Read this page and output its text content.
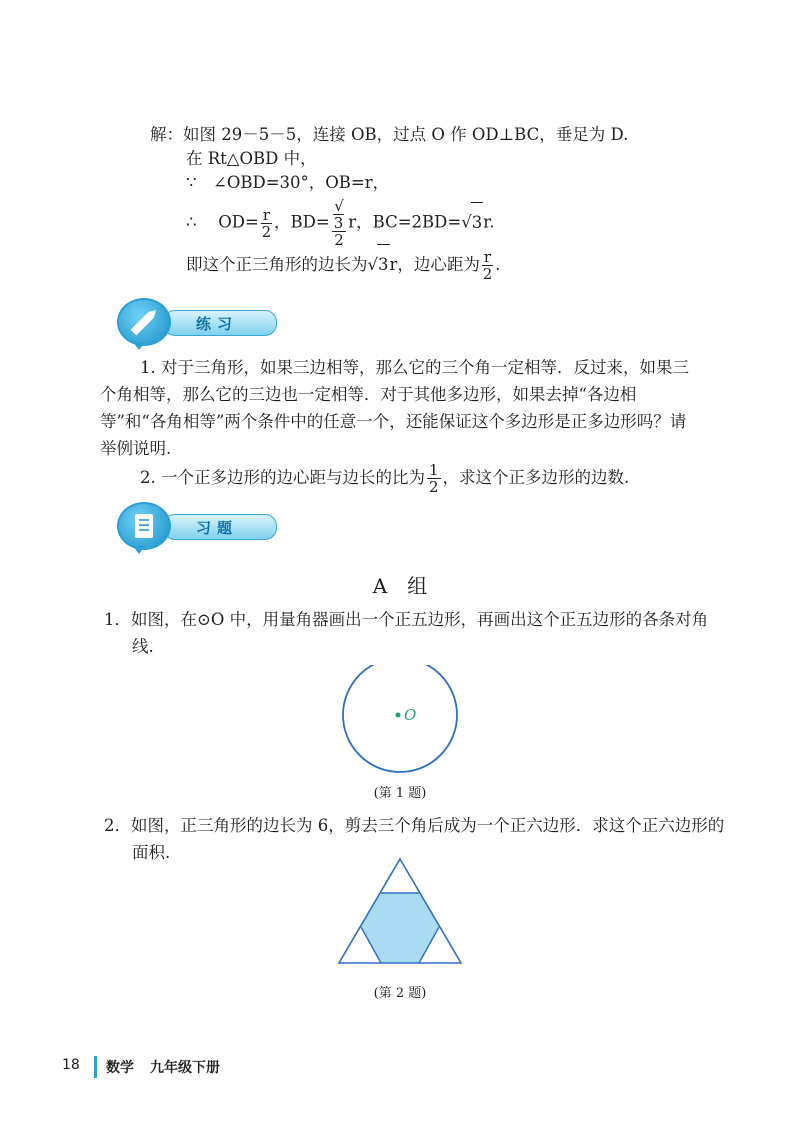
解：如图 29－5－5，连接 OB，过点 O 作 OD⊥BC，垂足为 D.
在 Rt△OBD 中，
∵　 ∠OBD=30°，OB=r，
∴　 $OD= \frac{r}{2}$ ，BD= √
3
2 r，BC=2BD=√3r.
即这个正三角形的边长为√3r，边心距为 $\frac{r}{2}$ .
练习
1. 对于三角形，如果三边相等，那么它的三个角一定相等．反过来，如果三个角相等，那么它的三边也一定相等．对于其他多边形，如果去掉“各边相等”和“各角相等”两个条件中的任意一个，还能保证这个多边形是正多边形吗？请举例说明.
2. 一个正多边形的边心距与边长的比为 $\frac{1}{2}$ ，求这个正多边形的边数.
习题
A　组
1．如图，在⊙O 中，用量角器画出一个正五边形，再画出这个正五边形的各条对角线.
O
(第 1 题)
2．如图，正三角形的边长为 6，剪去三个角后成为一个正六边形．求这个正六边形的面积.
(第 2 题)
18 数学 九年级下册
